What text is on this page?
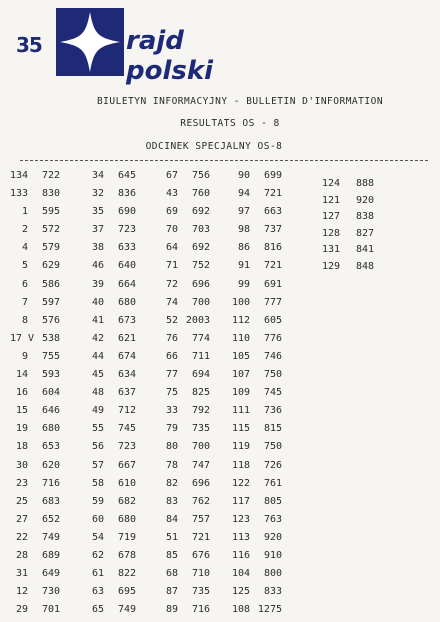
35	rajd polski
BIULETYN INFORMACYJNY - BULLETIN D'INFORMATION
RESULTATS OS - 8
ODCINEK SPECJALNY OS-8
134 722
133 830
1 595
2 572
4 579
5 629
6 586
7 597
8 576
17 V 538
9 755
14 593
16 604
15 646
19 680
18 653
30 620
23 716
25 683
27 652
22 749
28 689
31 649
12 730
29 701
34 645
32 836
35 690
37 723
38 633
46 640
39 664
40 680
41 673
42 621
44 674
45 634
48 637
49 712
55 745
56 723
57 667
58 610
59 682
60 680
54 719
62 678
61 822
63 695
65 749
67 756
43 760
69 692
70 703
64 692
71 752
72 696
74 700
52 2003
76 774
66 711
77 694
75 825
33 792
79 735
80 700
78 747
82 696
83 762
84 757
51 721
85 676
68 710
87 735
89 716
90 699
94 721
97 663
98 737
86 816
91 721
99 691
100 777
112 605
110 776
105 746
107 750
109 745
111 736
115 815
119 750
118 726
122 761
117 805
123 763
113 920
116 910
104 800
125 833
108 1275
124 888
121 920
127 838
128 827
131 841
129 848
